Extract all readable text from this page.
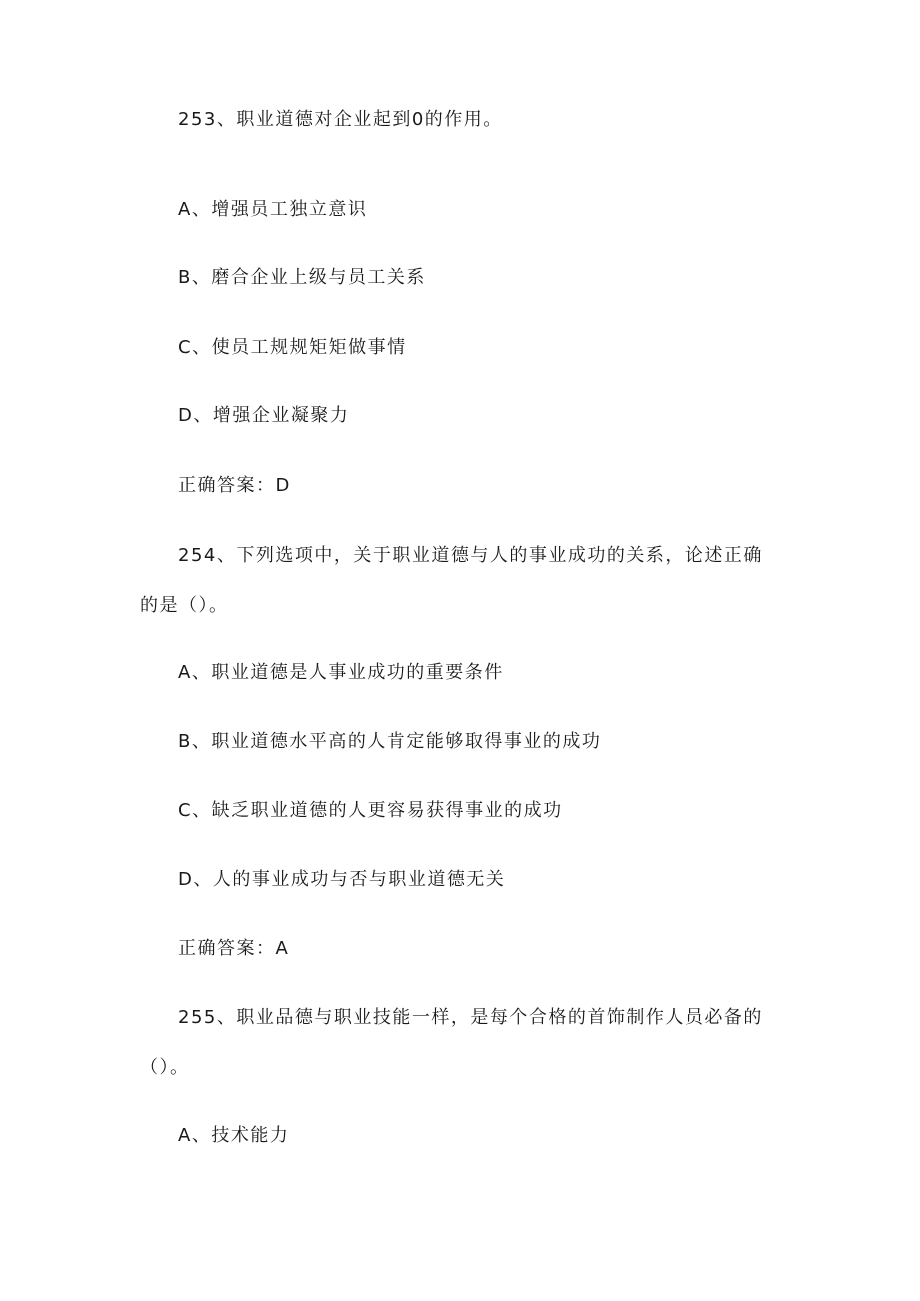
253、职业道德对企业起到0的作用。
A、增强员工独立意识
B、磨合企业上级与员工关系
C、使员工规规矩矩做事情
D、增强企业凝聚力
正确答案：D
254、下列选项中，关于职业道德与人的事业成功的关系，论述正确
的是（）。
A、职业道德是人事业成功的重要条件
B、职业道德水平高的人肯定能够取得事业的成功
C、缺乏职业道德的人更容易获得事业的成功
D、人的事业成功与否与职业道德无关
正确答案：A
255、职业品德与职业技能一样，是每个合格的首饰制作人员必备的
（）。
A、技术能力
